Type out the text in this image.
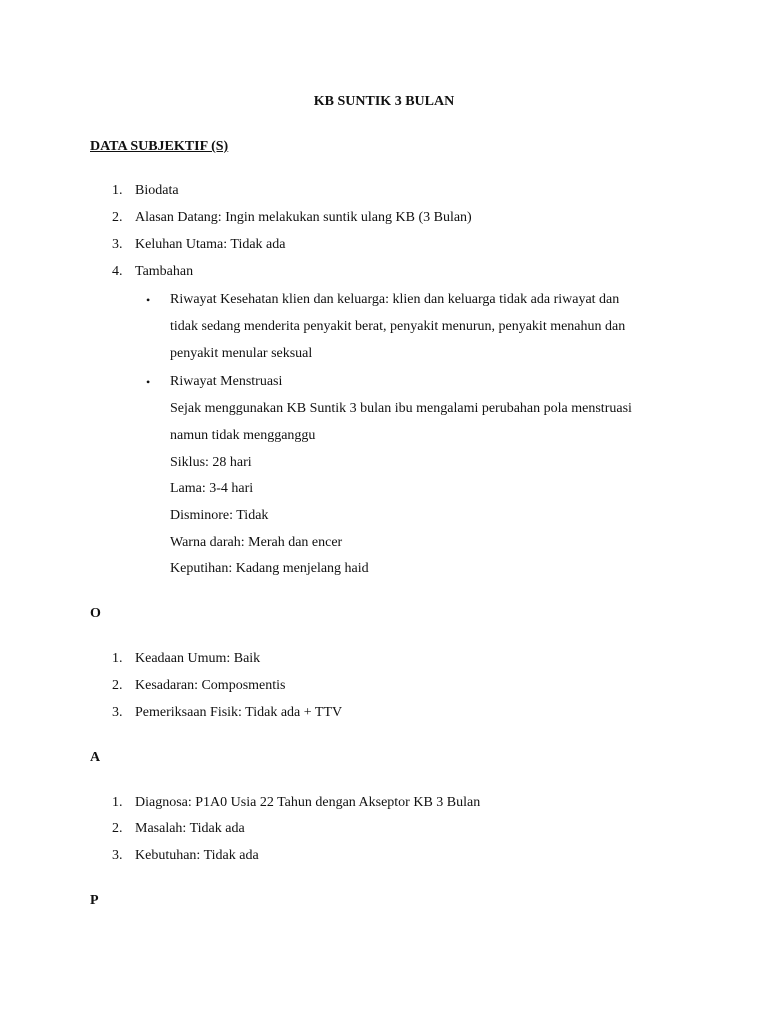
KB SUNTIK 3 BULAN
DATA SUBJEKTIF (S)
1. Biodata
2. Alasan Datang: Ingin melakukan suntik ulang KB (3 Bulan)
3. Keluhan Utama: Tidak ada
4. Tambahan
• Riwayat Kesehatan klien dan keluarga: klien dan keluarga tidak ada riwayat dan
tidak sedang menderita penyakit berat, penyakit menurun, penyakit menahun dan
penyakit menular seksual
• Riwayat Menstruasi
Sejak menggunakan KB Suntik 3 bulan ibu mengalami perubahan pola menstruasi
namun tidak mengganggu
Siklus: 28 hari
Lama: 3-4 hari
Disminore: Tidak
Warna darah: Merah dan encer
Keputihan: Kadang menjelang haid
O
1. Keadaan Umum: Baik
2. Kesadaran: Composmentis
3. Pemeriksaan Fisik: Tidak ada + TTV
A
1. Diagnosa: P1A0 Usia 22 Tahun dengan Akseptor KB 3 Bulan
2. Masalah: Tidak ada
3. Kebutuhan: Tidak ada
P
